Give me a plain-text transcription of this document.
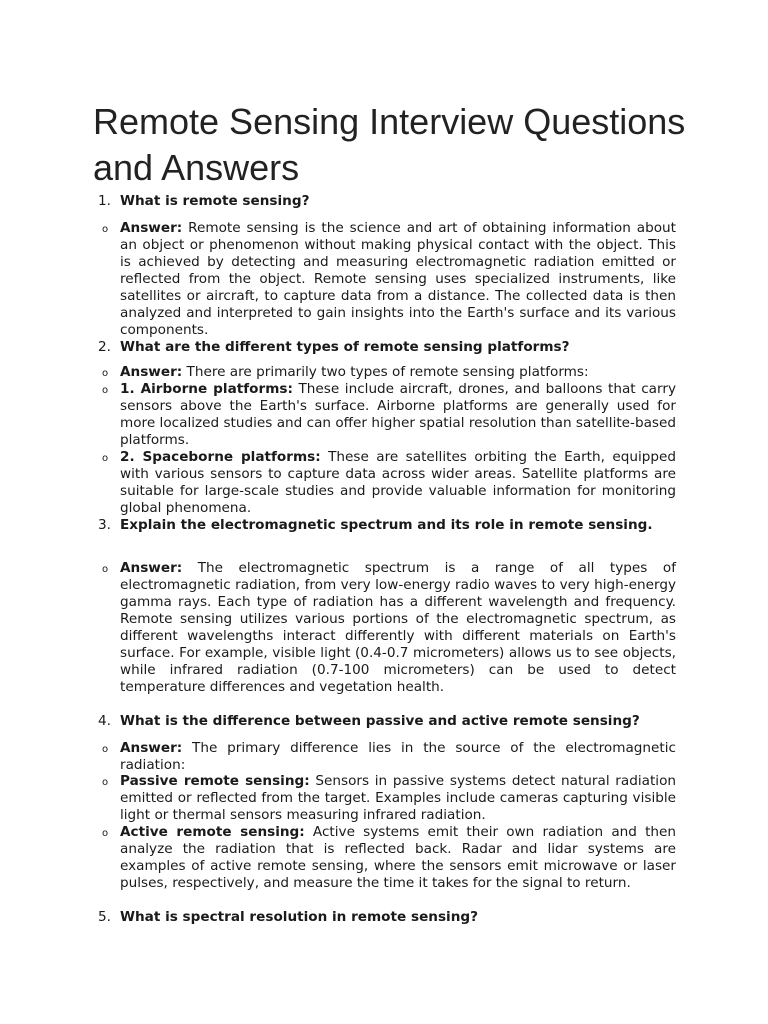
Remote Sensing Interview Questions and Answers
1. What is remote sensing?
o Answer: Remote sensing is the science and art of obtaining information about an object or phenomenon without making physical contact with the object. This is achieved by detecting and measuring electromagnetic radiation emitted or reflected from the object. Remote sensing uses specialized instruments, like satellites or aircraft, to capture data from a distance. The collected data is then analyzed and interpreted to gain insights into the Earth's surface and its various components.
2. What are the different types of remote sensing platforms?
o Answer: There are primarily two types of remote sensing platforms:
o 1. Airborne platforms: These include aircraft, drones, and balloons that carry sensors above the Earth's surface. Airborne platforms are generally used for more localized studies and can offer higher spatial resolution than satellite-based platforms.
o 2. Spaceborne platforms: These are satellites orbiting the Earth, equipped with various sensors to capture data across wider areas. Satellite platforms are suitable for large-scale studies and provide valuable information for monitoring global phenomena.
3. Explain the electromagnetic spectrum and its role in remote sensing.
o Answer: The electromagnetic spectrum is a range of all types of electromagnetic radiation, from very low-energy radio waves to very high-energy gamma rays. Each type of radiation has a different wavelength and frequency. Remote sensing utilizes various portions of the electromagnetic spectrum, as different wavelengths interact differently with different materials on Earth's surface. For example, visible light (0.4-0.7 micrometers) allows us to see objects, while infrared radiation (0.7-100 micrometers) can be used to detect temperature differences and vegetation health.
4. What is the difference between passive and active remote sensing?
o Answer: The primary difference lies in the source of the electromagnetic radiation:
o Passive remote sensing: Sensors in passive systems detect natural radiation emitted or reflected from the target. Examples include cameras capturing visible light or thermal sensors measuring infrared radiation.
o Active remote sensing: Active systems emit their own radiation and then analyze the radiation that is reflected back. Radar and lidar systems are examples of active remote sensing, where the sensors emit microwave or laser pulses, respectively, and measure the time it takes for the signal to return.
5. What is spectral resolution in remote sensing?
